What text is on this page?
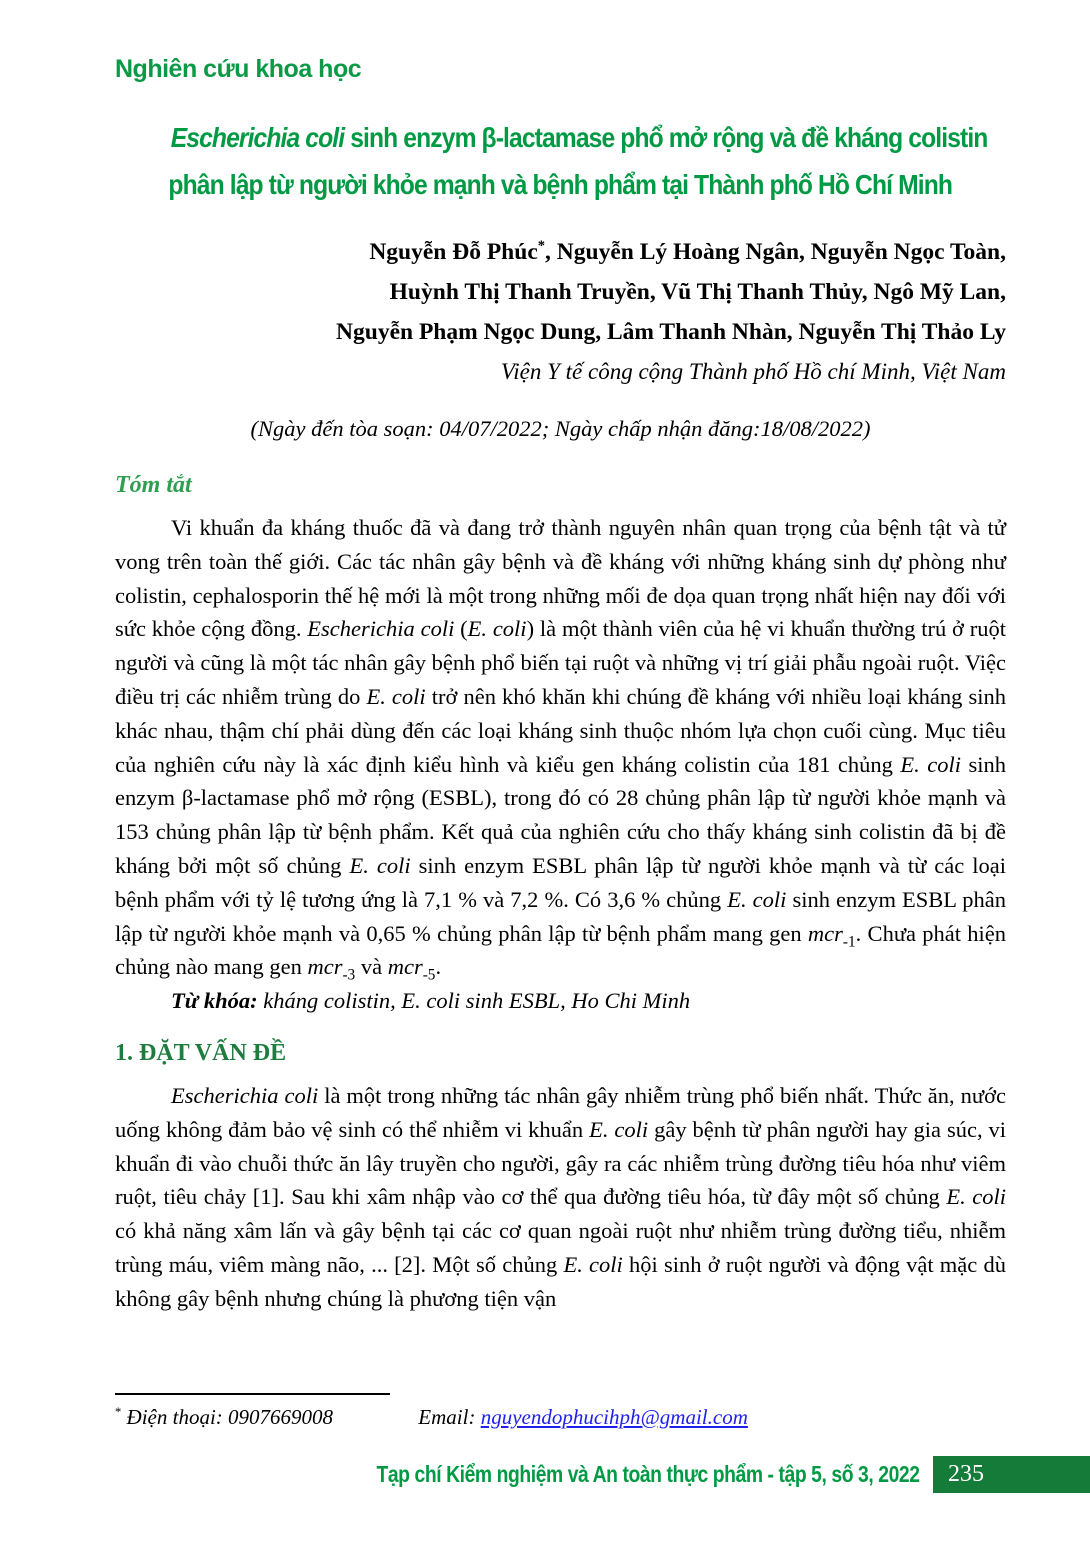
Nghiên cứu khoa học
Escherichia coli sinh enzym β-lactamase phổ mở rộng và đề kháng colistin
phân lập từ người khỏe mạnh và bệnh phẩm tại Thành phố Hồ Chí Minh
Nguyễn Đỗ Phúc*, Nguyễn Lý Hoàng Ngân, Nguyễn Ngọc Toàn,
Huỳnh Thị Thanh Truyền, Vũ Thị Thanh Thủy, Ngô Mỹ Lan,
Nguyễn Phạm Ngọc Dung, Lâm Thanh Nhàn, Nguyễn Thị Thảo Ly
Viện Y tế công cộng Thành phố Hồ chí Minh, Việt Nam
(Ngày đến tòa soạn: 04/07/2022; Ngày chấp nhận đăng:18/08/2022)
Tóm tắt

Vi khuẩn đa kháng thuốc đã và đang trở thành nguyên nhân quan trọng của bệnh tật và tử vong trên toàn thế giới. Các tác nhân gây bệnh và đề kháng với những kháng sinh dự phòng như colistin, cephalosporin thế hệ mới là một trong những mối đe dọa quan trọng nhất hiện nay đối với sức khỏe cộng đồng. Escherichia coli (E. coli) là một thành viên của hệ vi khuẩn thường trú ở ruột người và cũng là một tác nhân gây bệnh phổ biến tại ruột và những vị trí giải phẫu ngoài ruột. Việc điều trị các nhiễm trùng do E. coli trở nên khó khăn khi chúng đề kháng với nhiều loại kháng sinh khác nhau, thậm chí phải dùng đến các loại kháng sinh thuộc nhóm lựa chọn cuối cùng. Mục tiêu của nghiên cứu này là xác định kiểu hình và kiểu gen kháng colistin của 181 chủng E. coli sinh enzym β-lactamase phổ mở rộng (ESBL), trong đó có 28 chủng phân lập từ người khỏe mạnh và 153 chủng phân lập từ bệnh phẩm. Kết quả của nghiên cứu cho thấy kháng sinh colistin đã bị đề kháng bởi một số chủng E. coli sinh enzym ESBL phân lập từ người khỏe mạnh và từ các loại bệnh phẩm với tỷ lệ tương ứng là 7,1 % và 7,2 %. Có 3,6 % chủng E. coli sinh enzym ESBL phân lập từ người khỏe mạnh và 0,65 % chủng phân lập từ bệnh phẩm mang gen mcr$_{-1}$. Chưa phát hiện chủng nào mang gen mcr$_{-3}$ và mcr$_{-5}$.

Từ khóa: kháng colistin, E. coli sinh ESBL, Ho Chi Minh

1. ĐẶT VẤN ĐỀ

Escherichia coli là một trong những tác nhân gây nhiễm trùng phổ biến nhất. Thức ăn, nước uống không đảm bảo vệ sinh có thể nhiễm vi khuẩn E. coli gây bệnh từ phân người hay gia súc, vi khuẩn đi vào chuỗi thức ăn lây truyền cho người, gây ra các nhiễm trùng đường tiêu hóa như viêm ruột, tiêu chảy [1]. Sau khi xâm nhập vào cơ thể qua đường tiêu hóa, từ đây một số chủng E. coli có khả năng xâm lấn và gây bệnh tại các cơ quan ngoài ruột như nhiễm trùng đường tiểu, nhiễm trùng máu, viêm màng não, ... [2]. Một số chủng E. coli hội sinh ở ruột người và động vật mặc dù không gây bệnh nhưng chúng là phương tiện vận

* Điện thoại: 0907669008	Email: nguyendophucihph@gmail.com
Tạp chí Kiểm nghiệm và An toàn thực phẩm - tập 5, số 3, 2022 235
